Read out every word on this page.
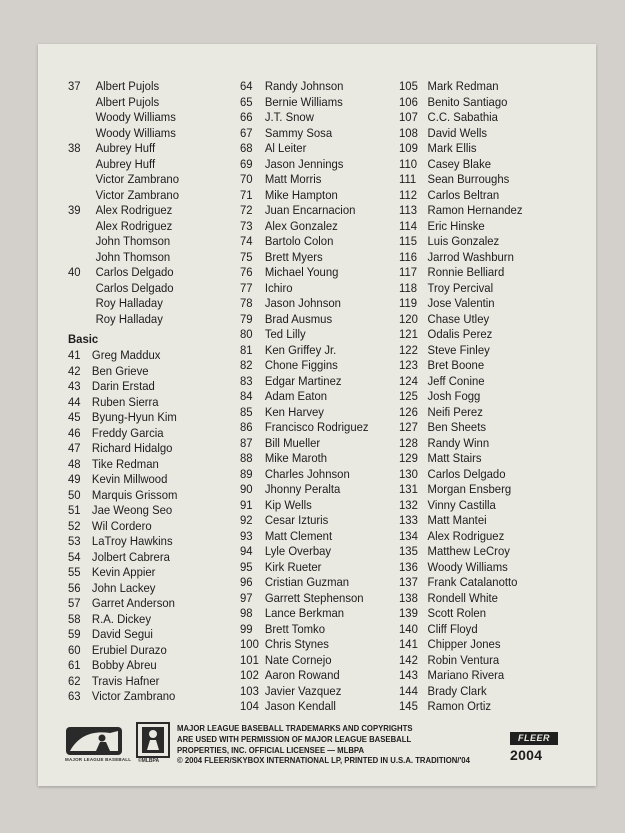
37 Albert Pujols
Albert Pujols
Woody Williams
Woody Williams
38 Aubrey Huff
Aubrey Huff
Victor Zambrano
Victor Zambrano
39 Alex Rodriguez
Alex Rodriguez
John Thomson
John Thomson
40 Carlos Delgado
Carlos Delgado
Roy Halladay
Roy Halladay
Basic
41 Greg Maddux
42 Ben Grieve
43 Darin Erstad
44 Ruben Sierra
45 Byung-Hyun Kim
46 Freddy Garcia
47 Richard Hidalgo
48 Tike Redman
49 Kevin Millwood
50 Marquis Grissom
51 Jae Weong Seo
52 Wil Cordero
53 LaTroy Hawkins
54 Jolbert Cabrera
55 Kevin Appier
56 John Lackey
57 Garret Anderson
58 R.A. Dickey
59 David Segui
60 Erubiel Durazo
61 Bobby Abreu
62 Travis Hafner
63 Victor Zambrano
64 Randy Johnson
65 Bernie Williams
66 J.T. Snow
67 Sammy Sosa
68 Al Leiter
69 Jason Jennings
70 Matt Morris
71 Mike Hampton
72 Juan Encarnacion
73 Alex Gonzalez
74 Bartolo Colon
75 Brett Myers
76 Michael Young
77 Ichiro
78 Jason Johnson
79 Brad Ausmus
80 Ted Lilly
81 Ken Griffey Jr.
82 Chone Figgins
83 Edgar Martinez
84 Adam Eaton
85 Ken Harvey
86 Francisco Rodriguez
87 Bill Mueller
88 Mike Maroth
89 Charles Johnson
90 Jhonny Peralta
91 Kip Wells
92 Cesar Izturis
93 Matt Clement
94 Lyle Overbay
95 Kirk Rueter
96 Cristian Guzman
97 Garrett Stephenson
98 Lance Berkman
99 Brett Tomko
100 Chris Stynes
101 Nate Cornejo
102 Aaron Rowand
103 Javier Vazquez
104 Jason Kendall
105 Mark Redman
106 Benito Santiago
107 C.C. Sabathia
108 David Wells
109 Mark Ellis
110 Casey Blake
111 Sean Burroughs
112 Carlos Beltran
113 Ramon Hernandez
114 Eric Hinske
115 Luis Gonzalez
116 Jarrod Washburn
117 Ronnie Belliard
118 Troy Percival
119 Jose Valentin
120 Chase Utley
121 Odalis Perez
122 Steve Finley
123 Bret Boone
124 Jeff Conine
125 Josh Fogg
126 Neifi Perez
127 Ben Sheets
128 Randy Winn
129 Matt Stairs
130 Carlos Delgado
131 Morgan Ensberg
132 Vinny Castilla
133 Matt Mantei
134 Alex Rodriguez
135 Matthew LeCroy
136 Woody Williams
137 Frank Catalanotto
138 Rondell White
139 Scott Rolen
140 Cliff Floyd
141 Chipper Jones
142 Robin Ventura
143 Mariano Rivera
144 Brady Clark
145 Ramon Ortiz
MAJOR LEAGUE BASEBALL ©MLBPA
MAJOR LEAGUE BASEBALL TRADEMARKS AND COPYRIGHTS
ARE USED WITH PERMISSION OF MAJOR LEAGUE BASEBALL
PROPERTIES, INC. OFFICIAL LICENSEE — MLBPA
© 2004 FLEER/SKYBOX INTERNATIONAL LP, PRINTED IN U.S.A. TRADITION/'04
FLEER
2004
